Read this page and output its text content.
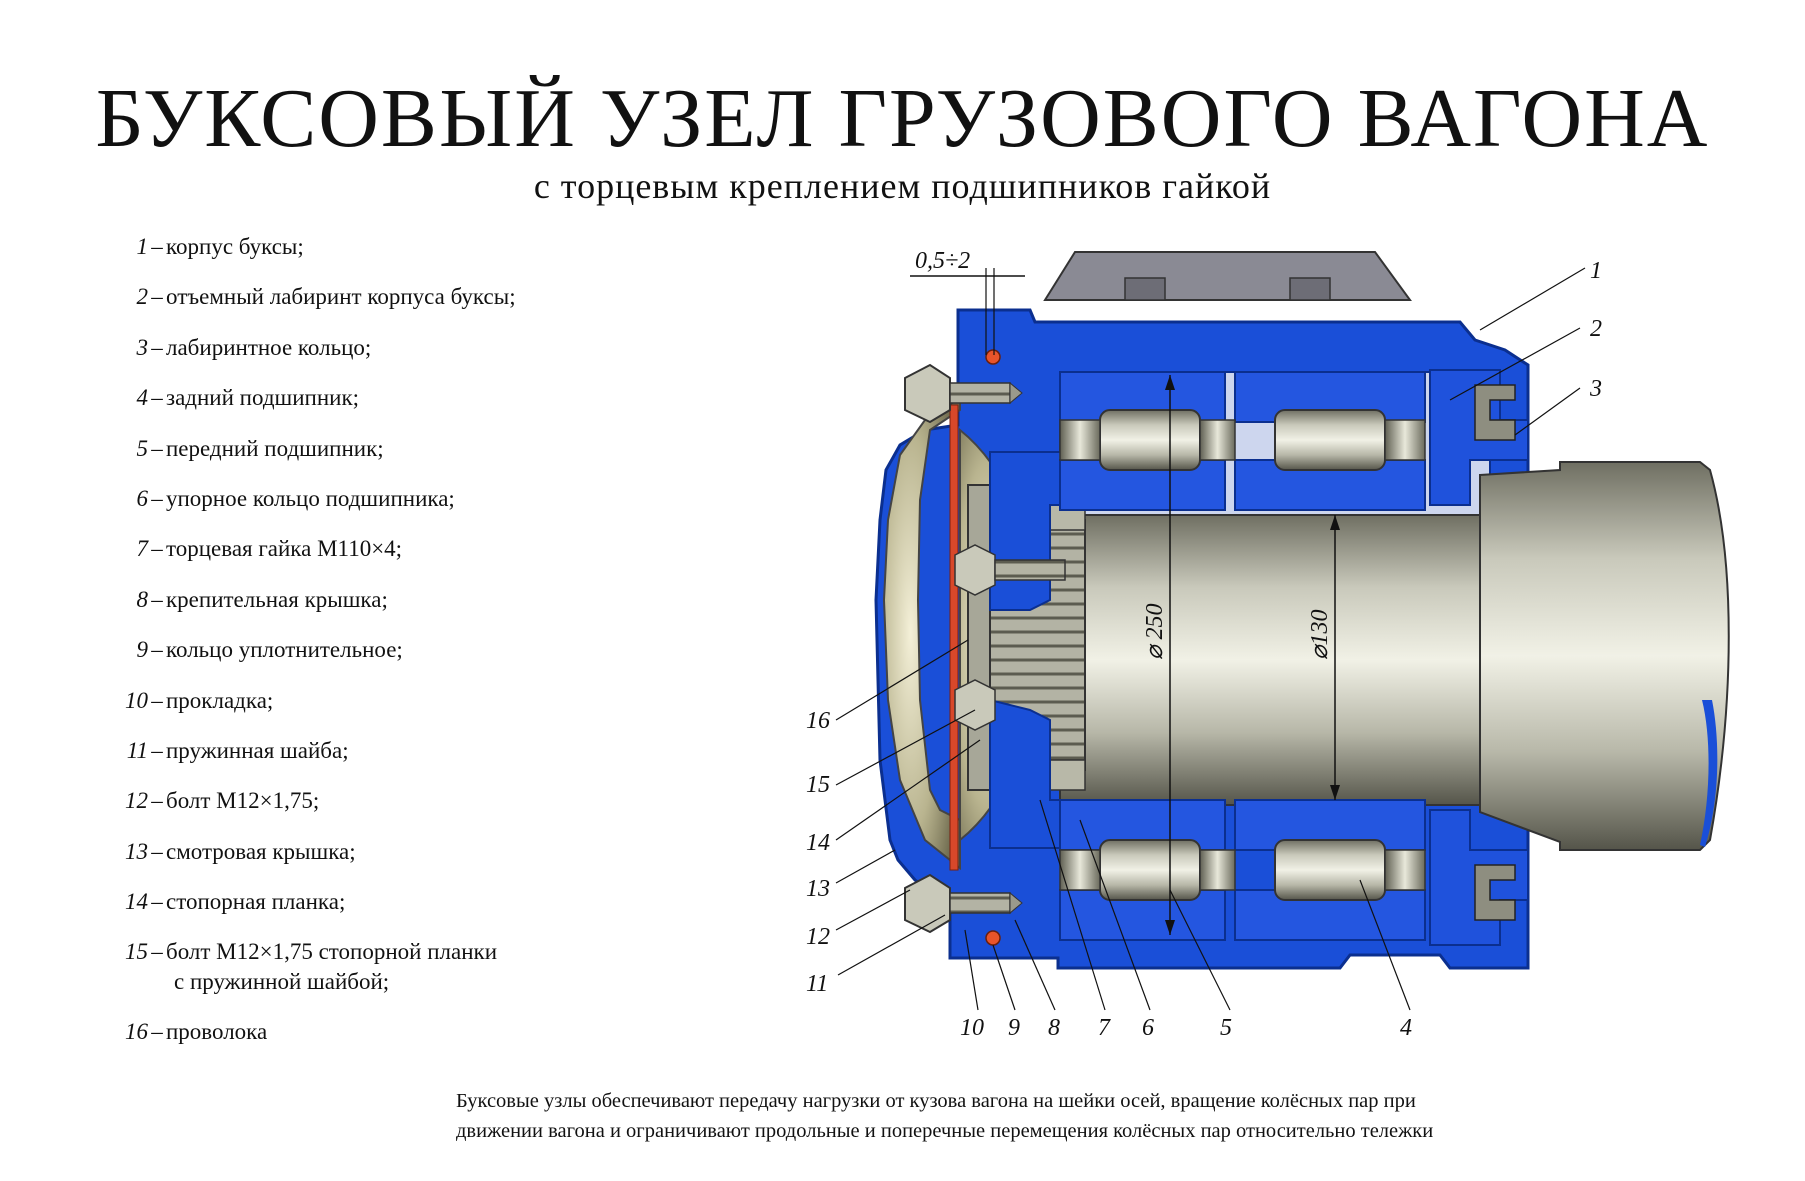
БУКСОВЫЙ УЗЕЛ ГРУЗОВОГО ВАГОНА
с торцевым креплением подшипников гайкой
1 – корпус буксы;
2 – отъемный лабиринт корпуса буксы;
3 – лабиринтное кольцо;
4 – задний подшипник;
5 – передний подшипник;
6 – упорное кольцо подшипника;
7 – торцевая гайка М110×4;
8 – крепительная крышка;
9 – кольцо уплотнительное;
10 – прокладка;
11 – пружинная шайба;
12 – болт М12×1,75;
13 – смотровая крышка;
14 – стопорная планка;
15 – болт М12×1,75 стопорной планки
с пружинной шайбой;
16 – проволока
1
2
3
4
5
6
7
8
9
10
11
12
13
14
15
16
0,5÷2
⌀ 250	⌀130
Буксовые узлы обеспечивают передачу нагрузки от кузова вагона на шейки осей, вращение колёсных пар при
движении вагона и ограничивают продольные и поперечные перемещения колёсных пар относительно тележки
